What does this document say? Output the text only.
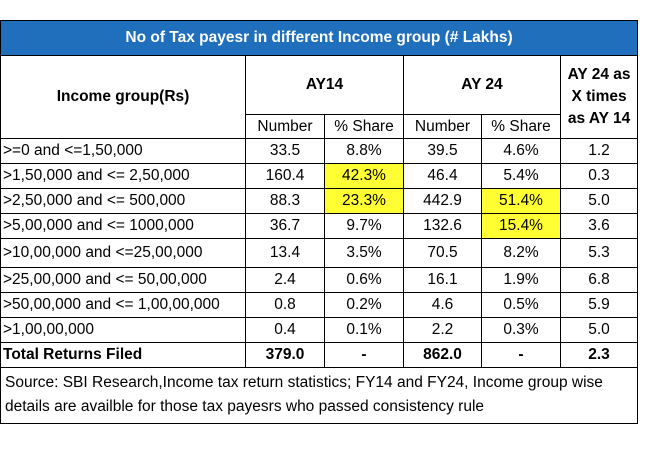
No of Tax payesr in different Income group (# Lakhs)					
Income group(Rs)	AY14		AY 24		AY 24 as
X times
as AY 14

	Number	% Share	Number	% Share	
>=0 and <=1,50,000	33.5	8.8%	39.5	4.6%	1.2
>1,50,000 and <= 2,50,000	160.4	42.3%	46.4	5.4%	0.3
>2,50,000 and <= 500,000	88.3	23.3%	442.9	51.4%	5.0
>5,00,000 and <= 1000,000	36.7	9.7%	132.6	15.4%	3.6
>10,00,000 and <=25,00,000	13.4	3.5%	70.5	8.2%	5.3
>25,00,000 and <= 50,00,000	2.4	0.6%	16.1	1.9%	6.8
>50,00,000 and <= 1,00,00,000	0.8	0.2%	4.6	0.5%	5.9
>1,00,00,000	0.4	0.1%	2.2	0.3%	5.0
Total Returns Filed	379.0	-	862.0	-	2.3

Source: SBI Research,Income tax return statistics; FY14 and FY24, Income group wise
details are availble for those tax payesrs who passed consistency rule					
